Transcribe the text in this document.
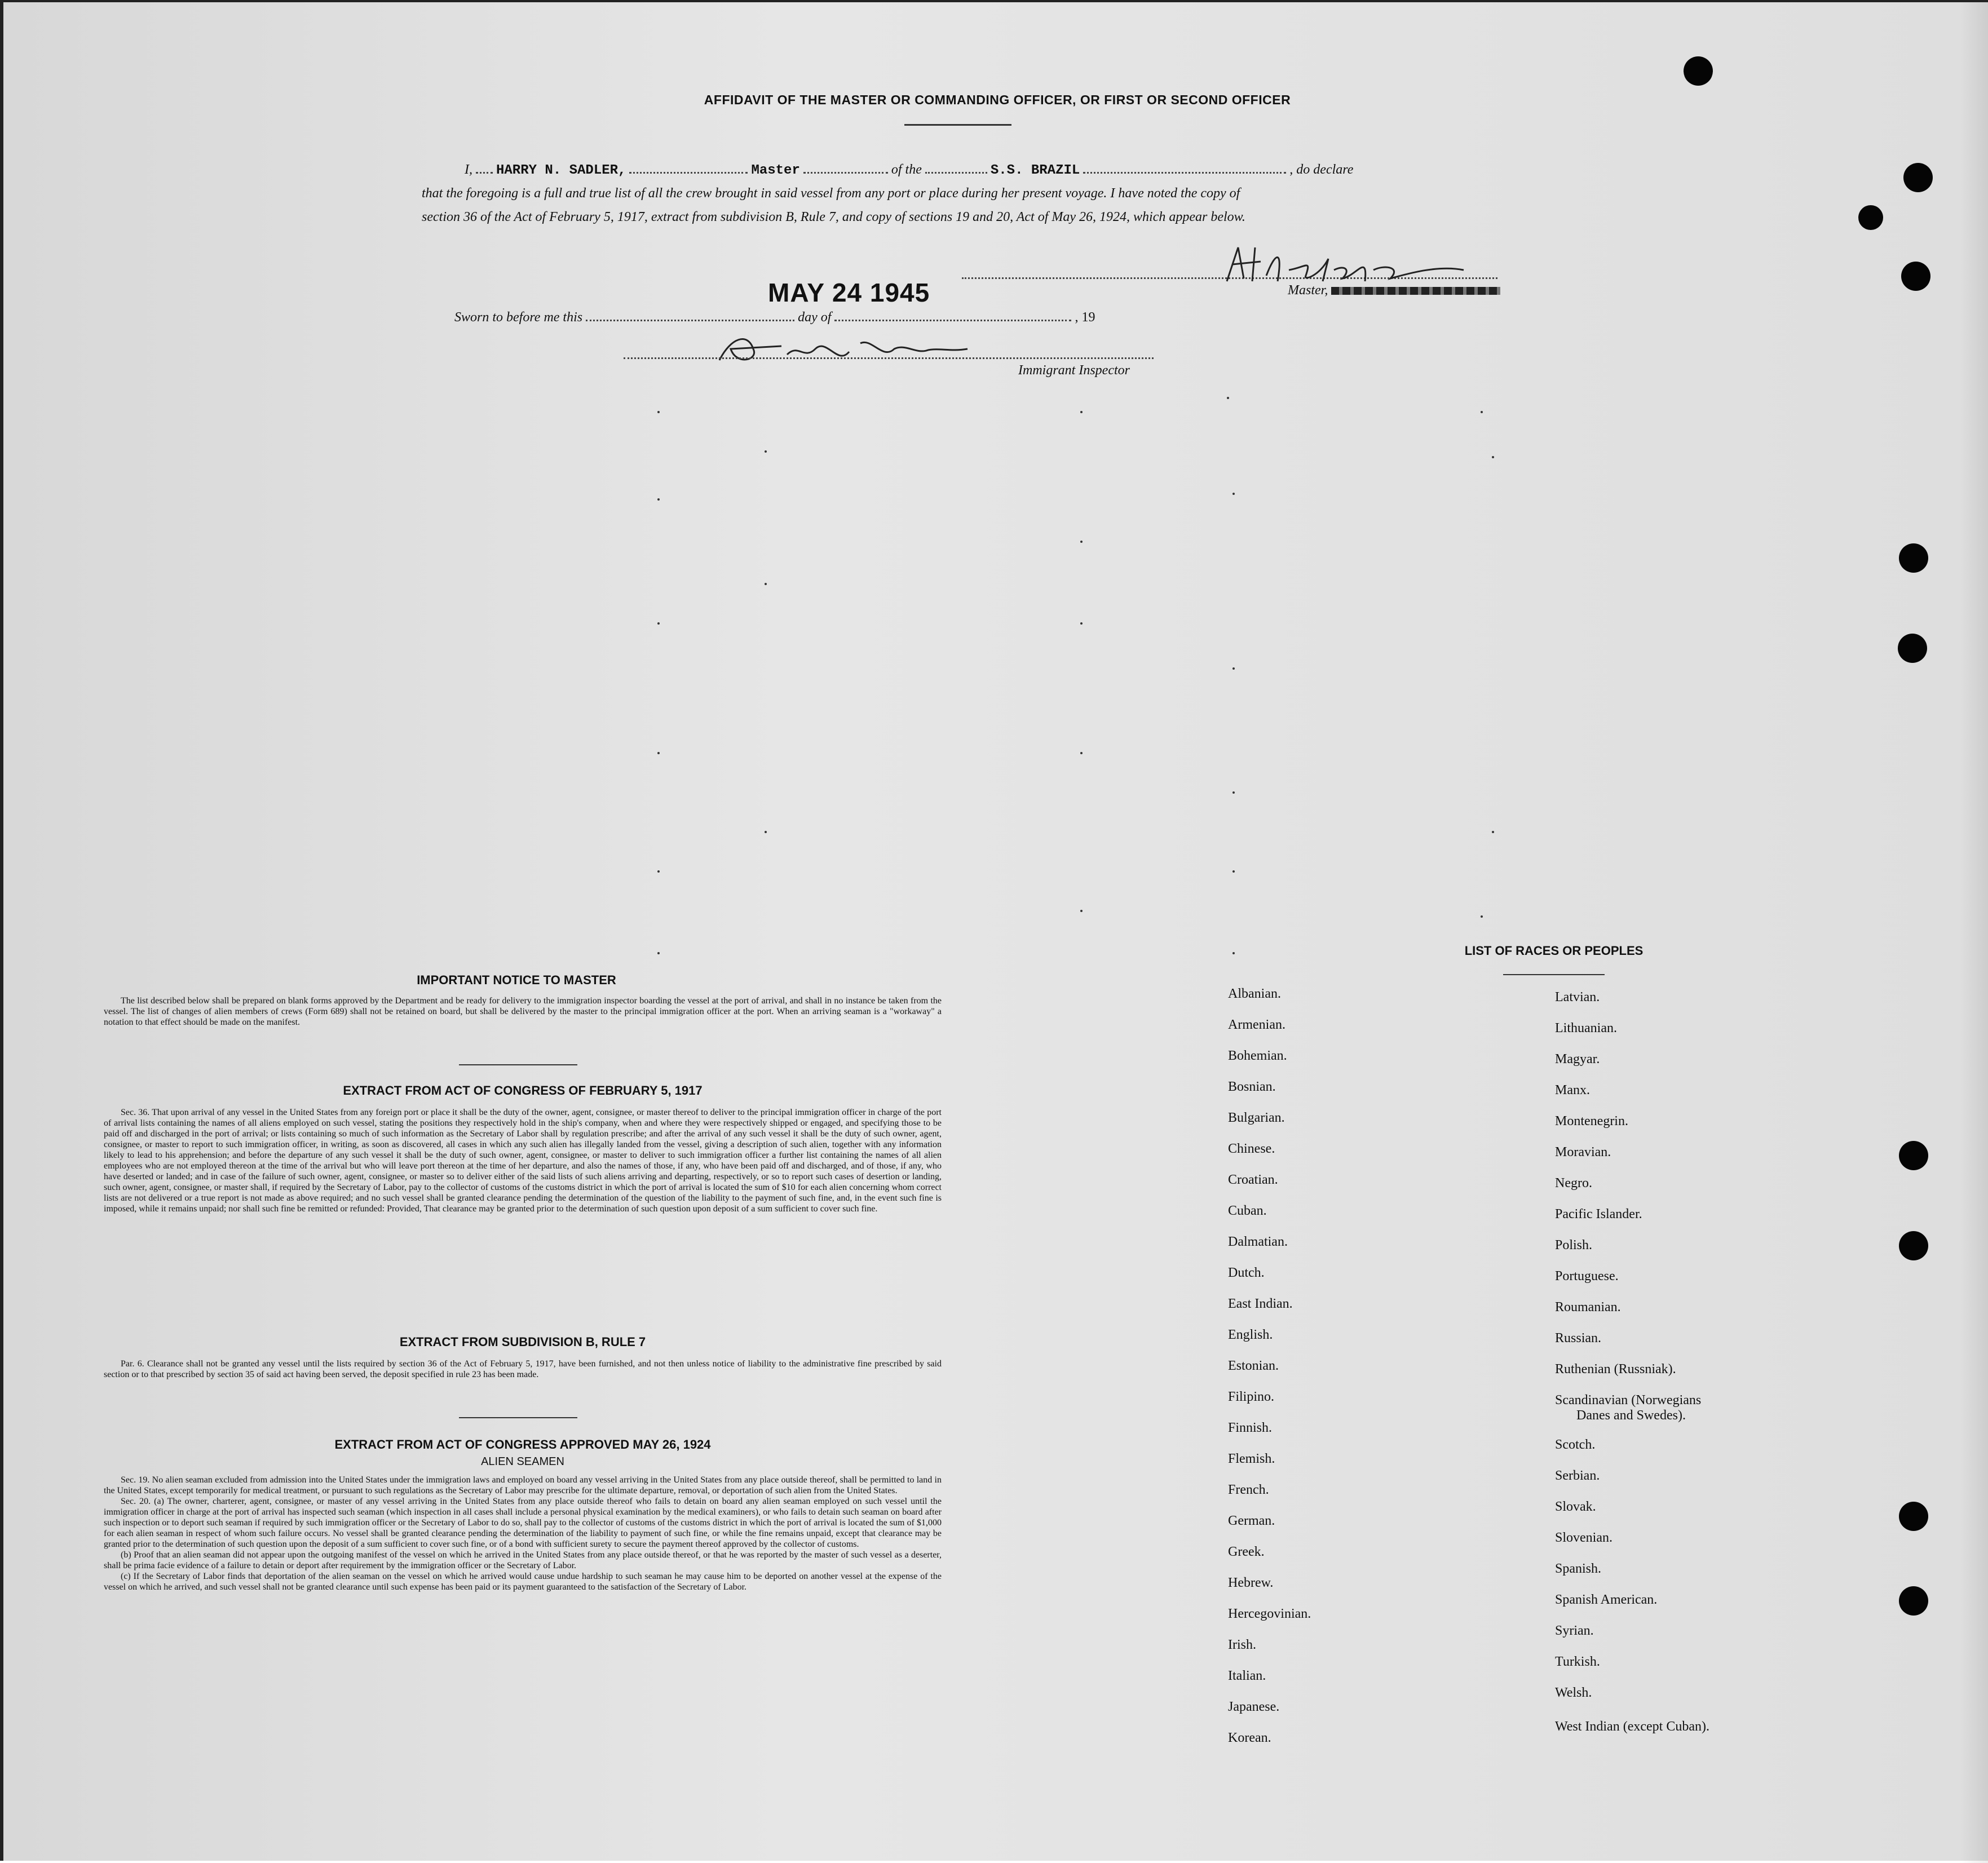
AFFIDAVIT OF THE MASTER OR COMMANDING OFFICER, OR FIRST OR SECOND OFFICER
I, HARRY N. SADLER,	Master	of the	S.S. BRAZIL	, do declare
that the foregoing is a full and true list of all the crew brought in said vessel from any port or place during her present voyage. I have noted the copy of
section 36 of the Act of February 5, 1917, extract from subdivision B, Rule 7, and copy of sections 19 and 20, Act of May 26, 1924, which appear below.
Master,
MAY 24 1945
Sworn to before me this	day of	, 19
Immigrant Inspector
IMPORTANT NOTICE TO MASTER

The list described below shall be prepared on blank forms approved by the Department and be ready for delivery to the immigration inspector boarding the vessel at the port of arrival, and shall in no instance be taken from the vessel. The list of changes of alien members of crews (Form 689) shall not be retained on board, but shall be delivered by the master to the principal immigration officer at the port. When an arriving seaman is a "workaway" a notation to that effect should be made on the manifest.

EXTRACT FROM ACT OF CONGRESS OF FEBRUARY 5, 1917

Sec. 36. That upon arrival of any vessel in the United States from any foreign port or place it shall be the duty of the owner, agent, consignee, or master thereof to deliver to the principal immigration officer in charge of the port of arrival lists containing the names of all aliens employed on such vessel, stating the positions they respectively hold in the ship's company, when and where they were respectively shipped or engaged, and specifying those to be paid off and discharged in the port of arrival; or lists containing so much of such information as the Secretary of Labor shall by regulation prescribe; and after the arrival of any such vessel it shall be the duty of such owner, agent, consignee, or master to report to such immigration officer, in writing, as soon as discovered, all cases in which any such alien has illegally landed from the vessel, giving a description of such alien, together with any information likely to lead to his apprehension; and before the departure of any such vessel it shall be the duty of such owner, agent, consignee, or master to deliver to such immigration officer a further list containing the names of all alien employees who are not employed thereon at the time of the arrival but who will leave port thereon at the time of her departure, and also the names of those, if any, who have been paid off and discharged, and of those, if any, who have deserted or landed; and in case of the failure of such owner, agent, consignee, or master so to deliver either of the said lists of such aliens arriving and departing, respectively, or so to report such cases of desertion or landing, such owner, agent, consignee, or master shall, if required by the Secretary of Labor, pay to the collector of customs of the customs district in which the port of arrival is located the sum of $10 for each alien concerning whom correct lists are not delivered or a true report is not made as above required; and no such vessel shall be granted clearance pending the determination of the question of the liability to the payment of such fine, and, in the event such fine is imposed, while it remains unpaid; nor shall such fine be remitted or refunded: Provided, That clearance may be granted prior to the determination of such question upon deposit of a sum sufficient to cover such fine.

EXTRACT FROM SUBDIVISION B, RULE 7

Par. 6. Clearance shall not be granted any vessel until the lists required by section 36 of the Act of February 5, 1917, have been furnished, and not then unless notice of liability to the administrative fine prescribed by said section or to that prescribed by section 35 of said act having been served, the deposit specified in rule 23 has been made.

EXTRACT FROM ACT OF CONGRESS APPROVED MAY 26, 1924
ALIEN SEAMEN

Sec. 19. No alien seaman excluded from admission into the United States under the immigration laws and employed on board any vessel arriving in the United States from any place outside thereof, shall be permitted to land in the United States, except temporarily for medical treatment, or pursuant to such regulations as the Secretary of Labor may prescribe for the ultimate departure, removal, or deportation of such alien from the United States.

Sec. 20. (a) The owner, charterer, agent, consignee, or master of any vessel arriving in the United States from any place outside thereof who fails to detain on board any alien seaman employed on such vessel until the immigration officer in charge at the port of arrival has inspected such seaman (which inspection in all cases shall include a personal physical examination by the medical examiners), or who fails to detain such seaman on board after such inspection or to deport such seaman if required by such immigration officer or the Secretary of Labor to do so, shall pay to the collector of customs of the customs district in which the port of arrival is located the sum of $1,000 for each alien seaman in respect of whom such failure occurs. No vessel shall be granted clearance pending the determination of the liability to payment of such fine, or while the fine remains unpaid, except that clearance may be granted prior to the determination of such question upon the deposit of a sum sufficient to cover such fine, or of a bond with sufficient surety to secure the payment thereof approved by the collector of customs.

(b) Proof that an alien seaman did not appear upon the outgoing manifest of the vessel on which he arrived in the United States from any place outside thereof, or that he was reported by the master of such vessel as a deserter, shall be prima facie evidence of a failure to detain or deport after requirement by the immigration officer or the Secretary of Labor.

(c) If the Secretary of Labor finds that deportation of the alien seaman on the vessel on which he arrived would cause undue hardship to such seaman he may cause him to be deported on another vessel at the expense of the vessel on which he arrived, and such vessel shall not be granted clearance until such expense has been paid or its payment guaranteed to the satisfaction of the Secretary of Labor.

LIST OF RACES OR PEOPLES
Albanian.
Armenian.
Bohemian.
Bosnian.
Bulgarian.
Chinese.
Croatian.
Cuban.
Dalmatian.
Dutch.
East Indian.
English.
Estonian.
Filipino.
Finnish.
Flemish.
French.
German.
Greek.
Hebrew.
Hercegovinian.
Irish.
Italian.
Japanese.
Korean.
Latvian.
Lithuanian.
Magyar.
Manx.
Montenegrin.
Moravian.
Negro.
Pacific Islander.
Polish.
Portuguese.
Roumanian.
Russian.
Ruthenian (Russniak).
Scandinavian (Norwegians
Danes and Swedes).
Scotch.
Serbian.
Slovak.
Slovenian.
Spanish.
Spanish American.
Syrian.
Turkish.
Welsh.
West Indian (except Cuban).
